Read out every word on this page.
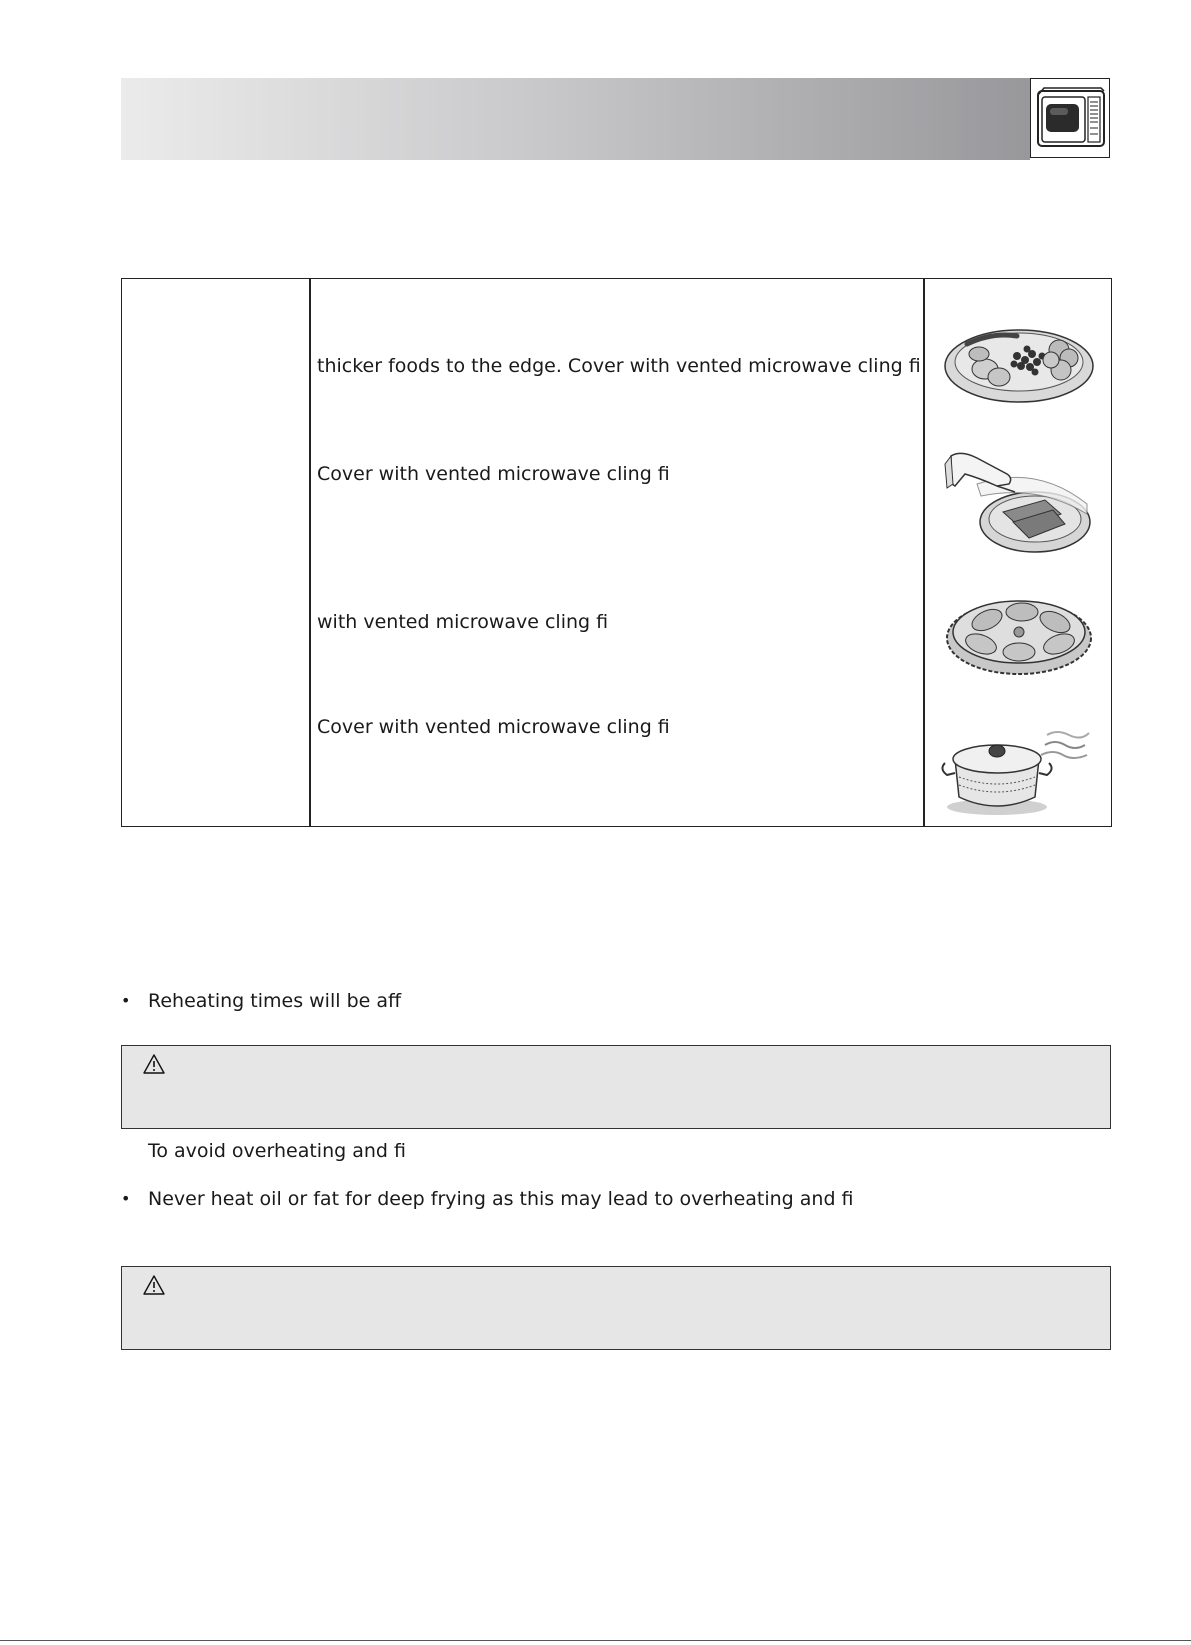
thicker foods to the edge. Cover with vented microwave cling fi
Cover with vented microwave cling fi
with vented microwave cling fi
Cover with vented microwave cling fi
• Reheating times will be aff
To avoid overheating and fi
• Never heat oil or fat for deep frying as this may lead to overheating and fi
